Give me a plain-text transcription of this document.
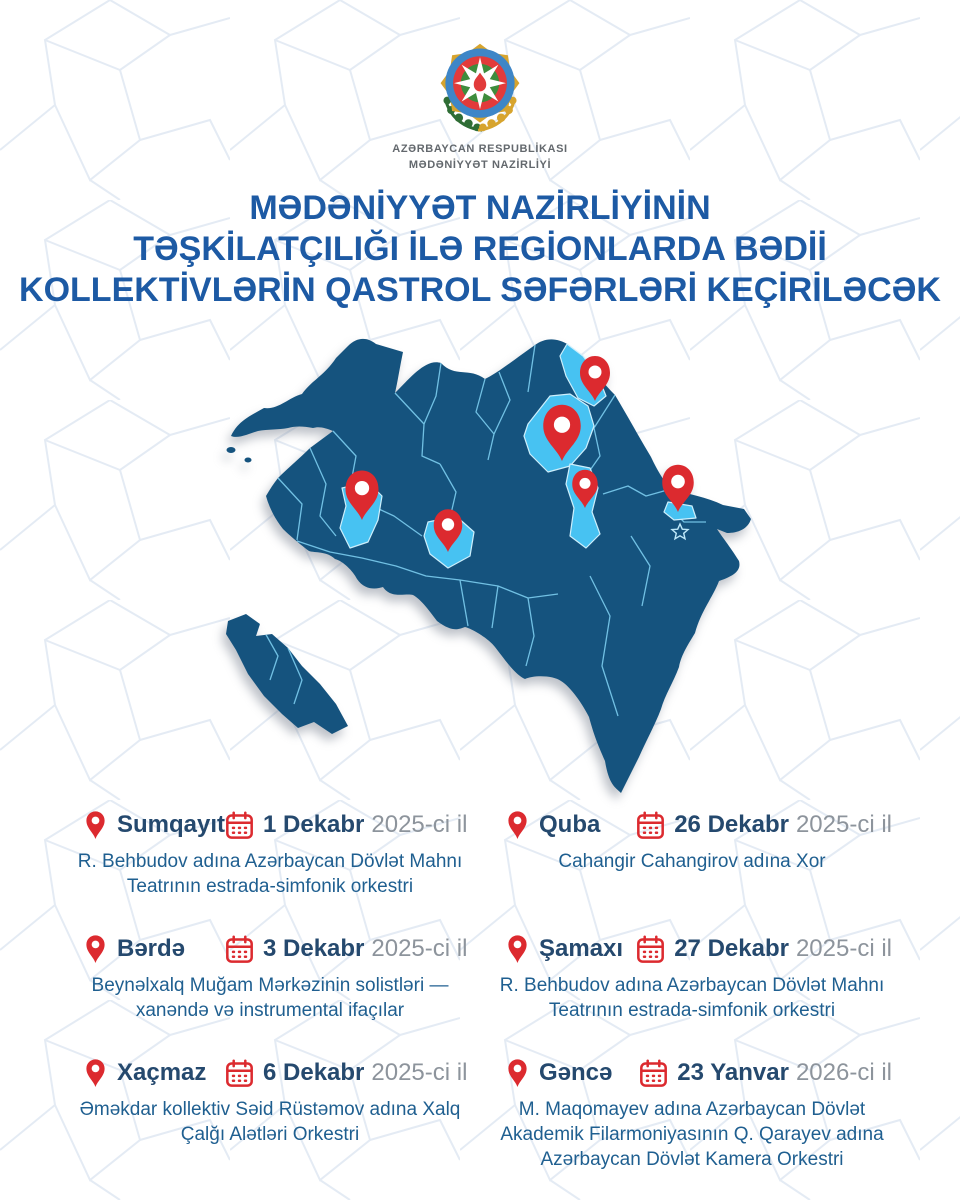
AZƏRBAYCAN RESPUBLİKASI
MƏDƏNİYYƏT NAZİRLİYİ
MƏDƏNİYYƏT NAZİRLİYİNİN
TƏŞKİLATÇILIĞI İLƏ REGİONLARDA BƏDİİ
KOLLEKTİVLƏRİN QASTROL SƏFƏRLƏRİ KEÇİRİLƏCƏK
Sumqayıt 1 Dekabr 2025-ci il
R. Behbudov adına Azərbaycan Dövlət Mahnı Teatrının estrada-simfonik orkestri
Quba	26 Dekabr 2025-ci il
Cahangir Cahangirov adına Xor
Bərdə	3 Dekabr 2025-ci il
Beynəlxalq Muğam Mərkəzinin solistləri — xanəndə və instrumental ifaçılar
Şamaxı 27 Dekabr 2025-ci il
R. Behbudov adına Azərbaycan Dövlət Mahnı Teatrının estrada-simfonik orkestri
Xaçmaz 6 Dekabr 2025-ci il
Əməkdar kollektiv Səid Rüstəmov adına Xalq Çalğı Alətləri Orkestri
Gəncə	23 Yanvar 2026-ci il
M. Maqomayev adına Azərbaycan Dövlət Akademik Filarmoniyasının Q. Qarayev adına Azərbaycan Dövlət Kamera Orkestri
